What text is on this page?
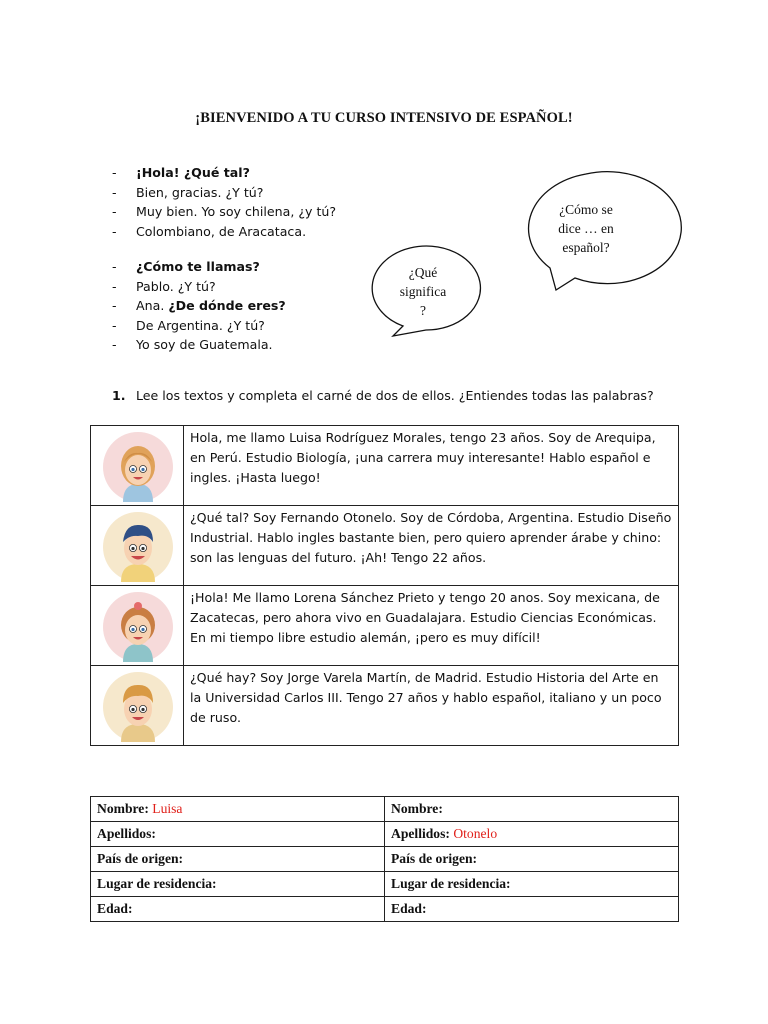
¡BIENVENIDO A TU CURSO INTENSIVO DE ESPAÑOL!
- ¡Hola! ¿Qué tal?
- Bien, gracias. ¿Y tú?
- Muy bien. Yo soy chilena, ¿y tú?
- Colombiano, de Aracataca.
- ¿Cómo te llamas?
- Pablo. ¿Y tú?
- Ana. ¿De dónde eres?
- De Argentina. ¿Y tú?
- Yo soy de Guatemala.
¿Cómo se
dice … en
español?
¿Qué
significa
?
1. Lee los textos y completa el carné de dos de ellos. ¿Entiendes todas las palabras?
	Hola, me llamo Luisa Rodríguez Morales, tengo 23 años. Soy de Arequipa, en Perú. Estudio Biología, ¡una carrera muy interesante! Hablo español e ingles. ¡Hasta luego!

	¿Qué tal? Soy Fernando Otonelo. Soy de Córdoba, Argentina. Estudio Diseño Industrial. Hablo ingles bastante bien, pero quiero aprender árabe y chino: son las lenguas del futuro. ¡Ah! Tengo 22 años.

	¡Hola! Me llamo Lorena Sánchez Prieto y tengo 20 anos. Soy mexicana, de Zacatecas, pero ahora vivo en Guadalajara. Estudio Ciencias Económicas. En mi tiempo libre estudio alemán, ¡pero es muy difícil!

	¿Qué hay? Soy Jorge Varela Martín, de Madrid. Estudio Historia del Arte en la Universidad Carlos III. Tengo 27 años y hablo español, italiano y un poco de ruso.
Nombre: Luisa	Nombre:
Apellidos:	Apellidos: Otonelo
País de origen:	País de origen:
Lugar de residencia:	Lugar de residencia:
Edad:	Edad:
